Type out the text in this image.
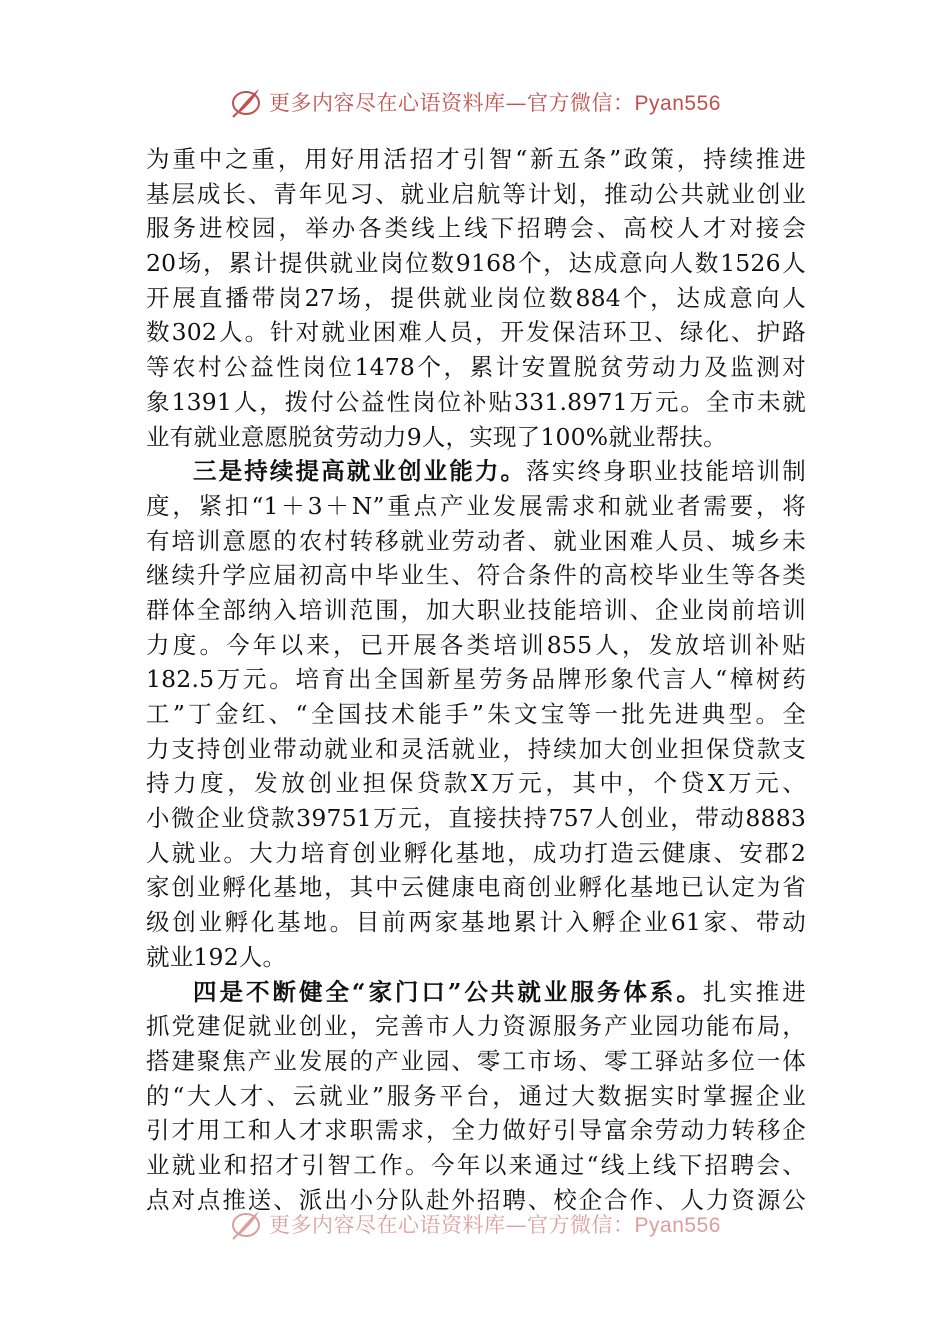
更多内容尽在心语资料库—官方微信：Pyan556
为重中之重，用好用活招才引智“新五条”政策，持续推进
基层成长、青年见习、就业启航等计划，推动公共就业创业
服务进校园，举办各类线上线下招聘会、高校人才对接会
20场，累计提供就业岗位数9168个，达成意向人数1526人
开展直播带岗27场，提供就业岗位数884个，达成意向人
数302人。针对就业困难人员，开发保洁环卫、绿化、护路
等农村公益性岗位1478个，累计安置脱贫劳动力及监测对
象1391人，拨付公益性岗位补贴331.8971万元。全市未就
业有就业意愿脱贫劳动力9人，实现了100%就业帮扶。
三是持续提高就业创业能力。落实终身职业技能培训制
度，紧扣“1＋3＋N”重点产业发展需求和就业者需要，将
有培训意愿的农村转移就业劳动者、就业困难人员、城乡未
继续升学应届初高中毕业生、符合条件的高校毕业生等各类
群体全部纳入培训范围，加大职业技能培训、企业岗前培训
力度。今年以来，已开展各类培训855人，发放培训补贴
182.5万元。培育出全国新星劳务品牌形象代言人“樟树药
工”丁金红、“全国技术能手”朱文宝等一批先进典型。全
力支持创业带动就业和灵活就业，持续加大创业担保贷款支
持力度，发放创业担保贷款X万元，其中，个贷X万元、
小微企业贷款39751万元，直接扶持757人创业，带动8883
人就业。大力培育创业孵化基地，成功打造云健康、安郡2
家创业孵化基地，其中云健康电商创业孵化基地已认定为省
级创业孵化基地。目前两家基地累计入孵企业61家、带动
就业192人。
四是不断健全“家门口”公共就业服务体系。扎实推进
抓党建促就业创业，完善市人力资源服务产业园功能布局，
搭建聚焦产业发展的产业园、零工市场、零工驿站多位一体
的“大人才、云就业”服务平台，通过大数据实时掌握企业
引才用工和人才求职需求，全力做好引导富余劳动力转移企
业就业和招才引智工作。今年以来通过“线上线下招聘会、
点对点推送、派出小分队赴外招聘、校企合作、人力资源公
更多内容尽在心语资料库—官方微信：Pyan556
